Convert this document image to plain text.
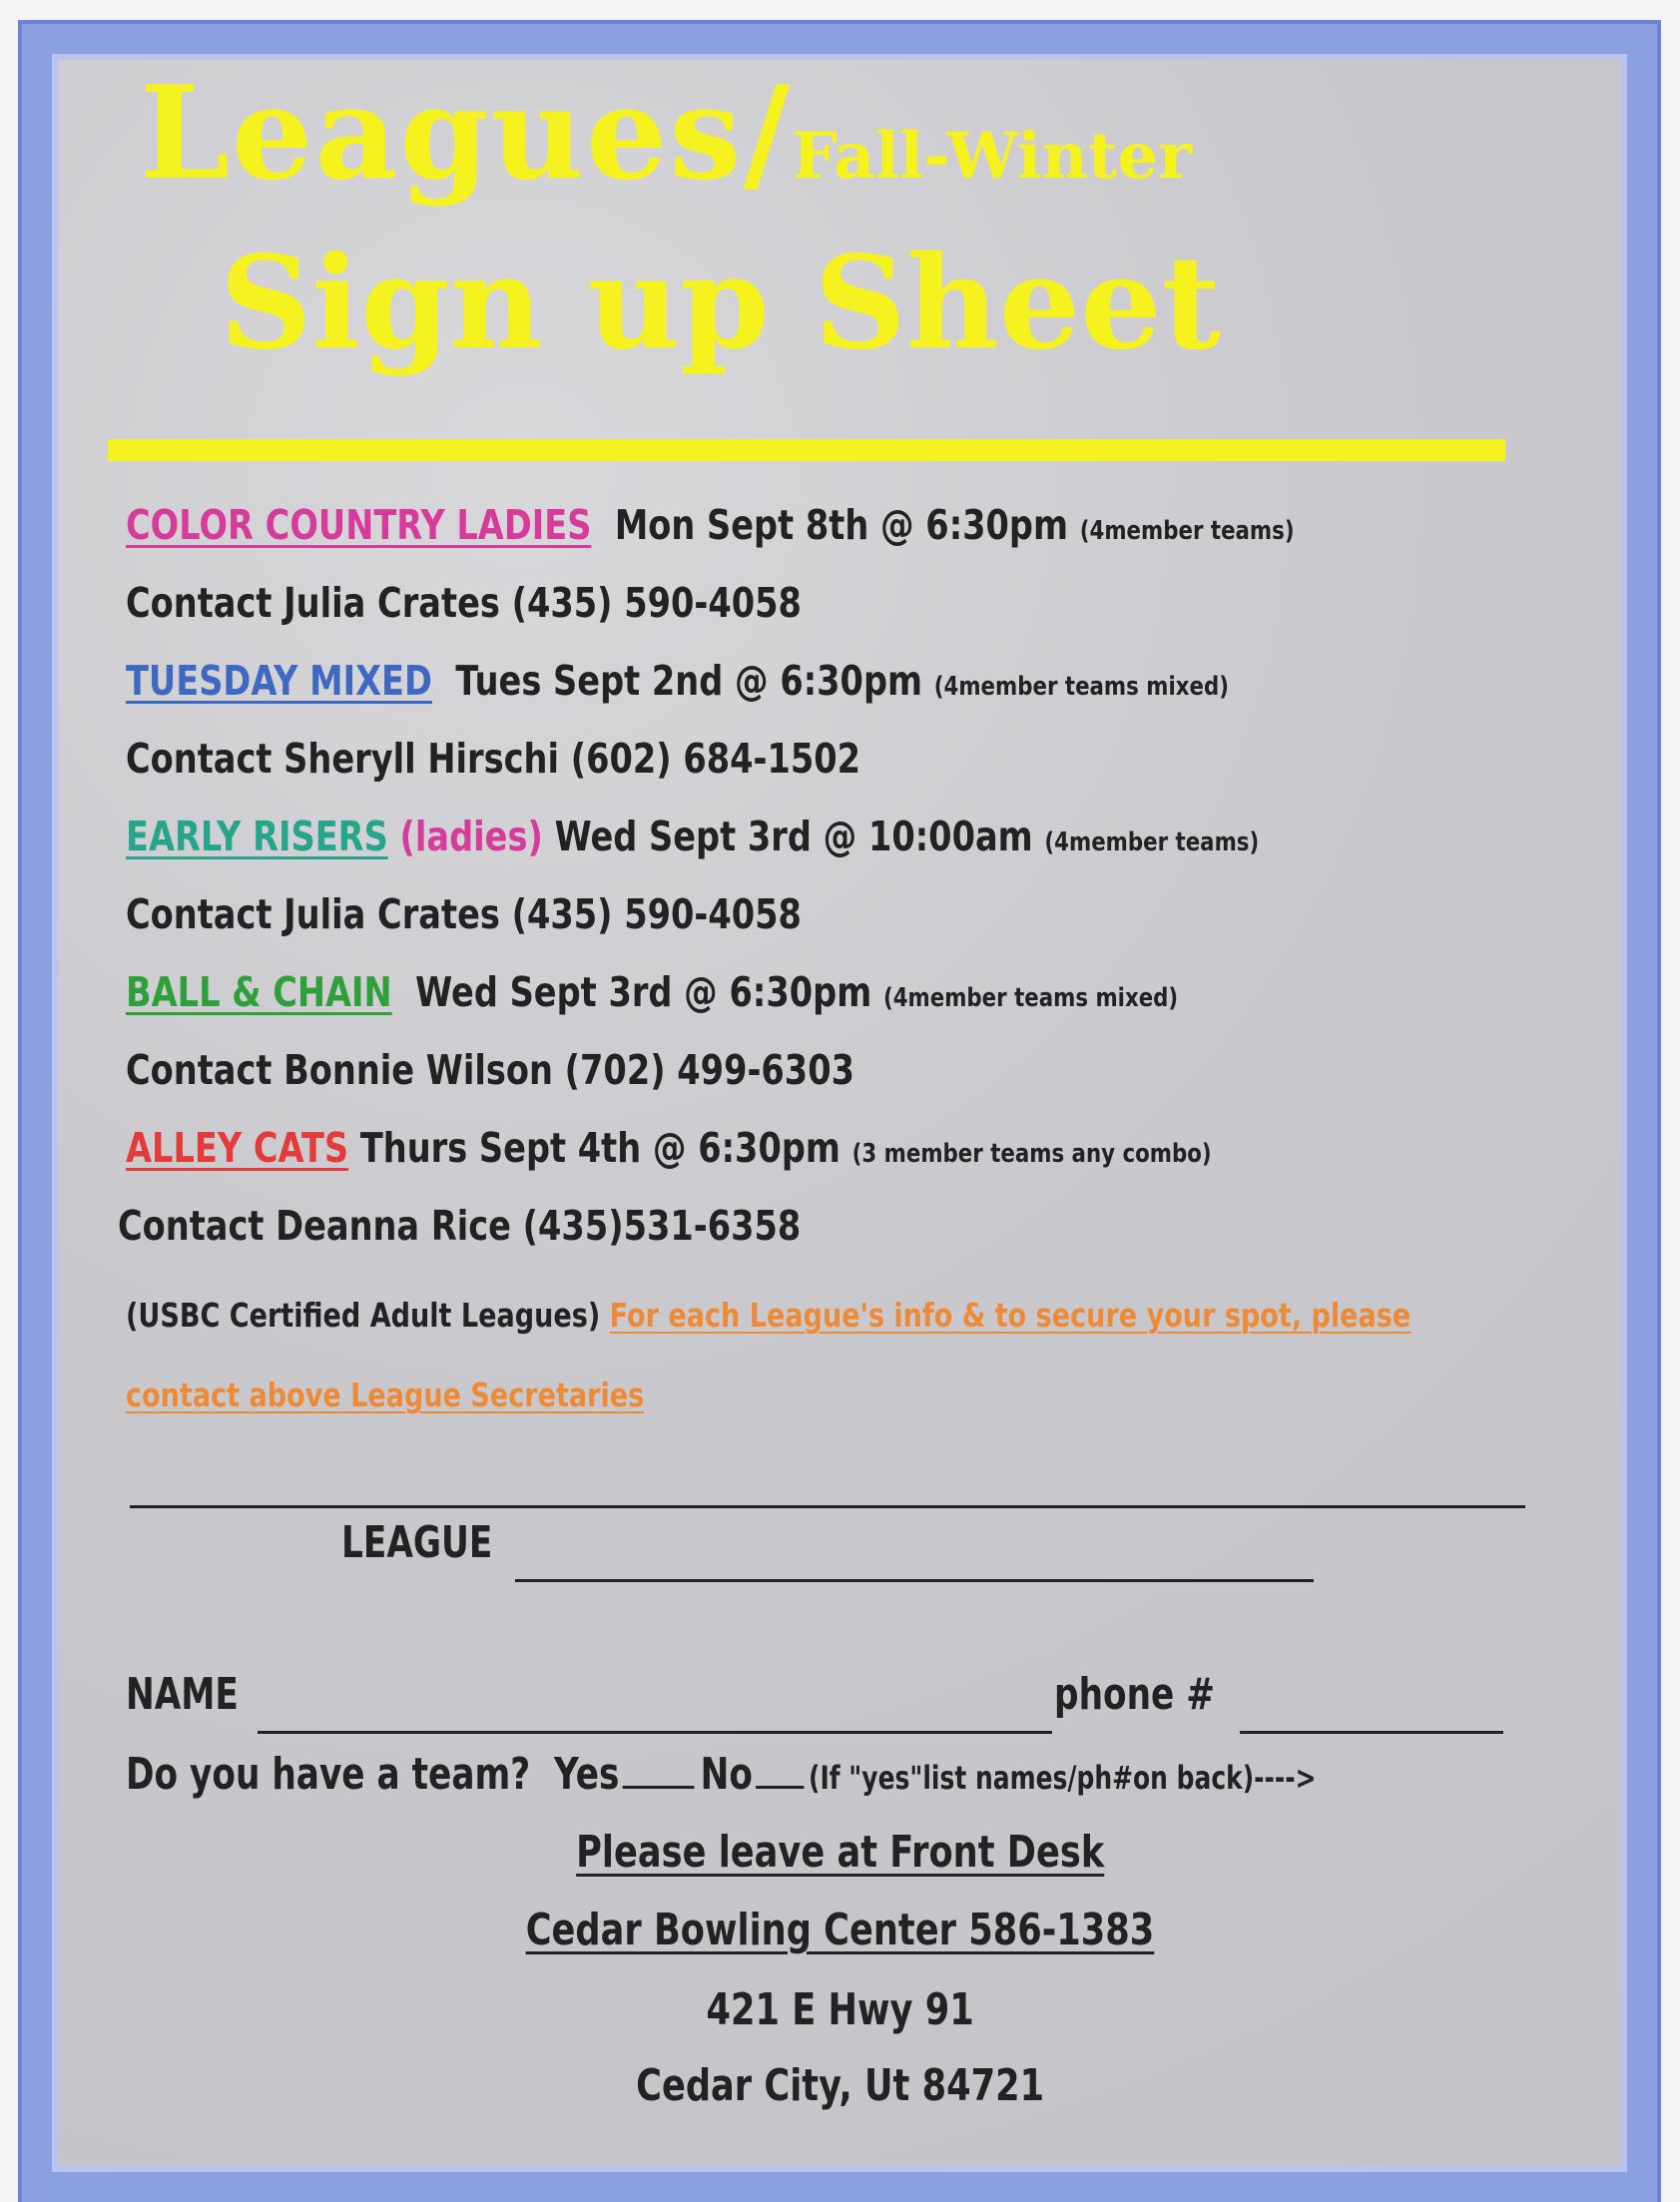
Leagues/Fall-Winter
Sign up Sheet
COLOR COUNTRY LADIES Mon Sept 8th @ 6:30pm (4member teams)
Contact Julia Crates (435) 590-4058
TUESDAY MIXED Tues Sept 2nd @ 6:30pm (4member teams mixed)
Contact Sheryll Hirschi (602) 684-1502
EARLY RISERS (ladies) Wed Sept 3rd @ 10:00am (4member teams)
Contact Julia Crates (435) 590-4058
BALL & CHAIN Wed Sept 3rd @ 6:30pm (4member teams mixed)
Contact Bonnie Wilson (702) 499-6303
ALLEY CATS Thurs Sept 4th @ 6:30pm (3 member teams any combo)
Contact Deanna Rice (435)531-6358
(USBC Certified Adult Leagues) For each League's info & to secure your spot, please
contact above League Secretaries
LEAGUE
NAME	phone #
Do you have a team? Yes No (If "yes"list names/ph#on back)---->
Please leave at Front Desk
Cedar Bowling Center 586-1383
421 E Hwy 91
Cedar City, Ut 84721
